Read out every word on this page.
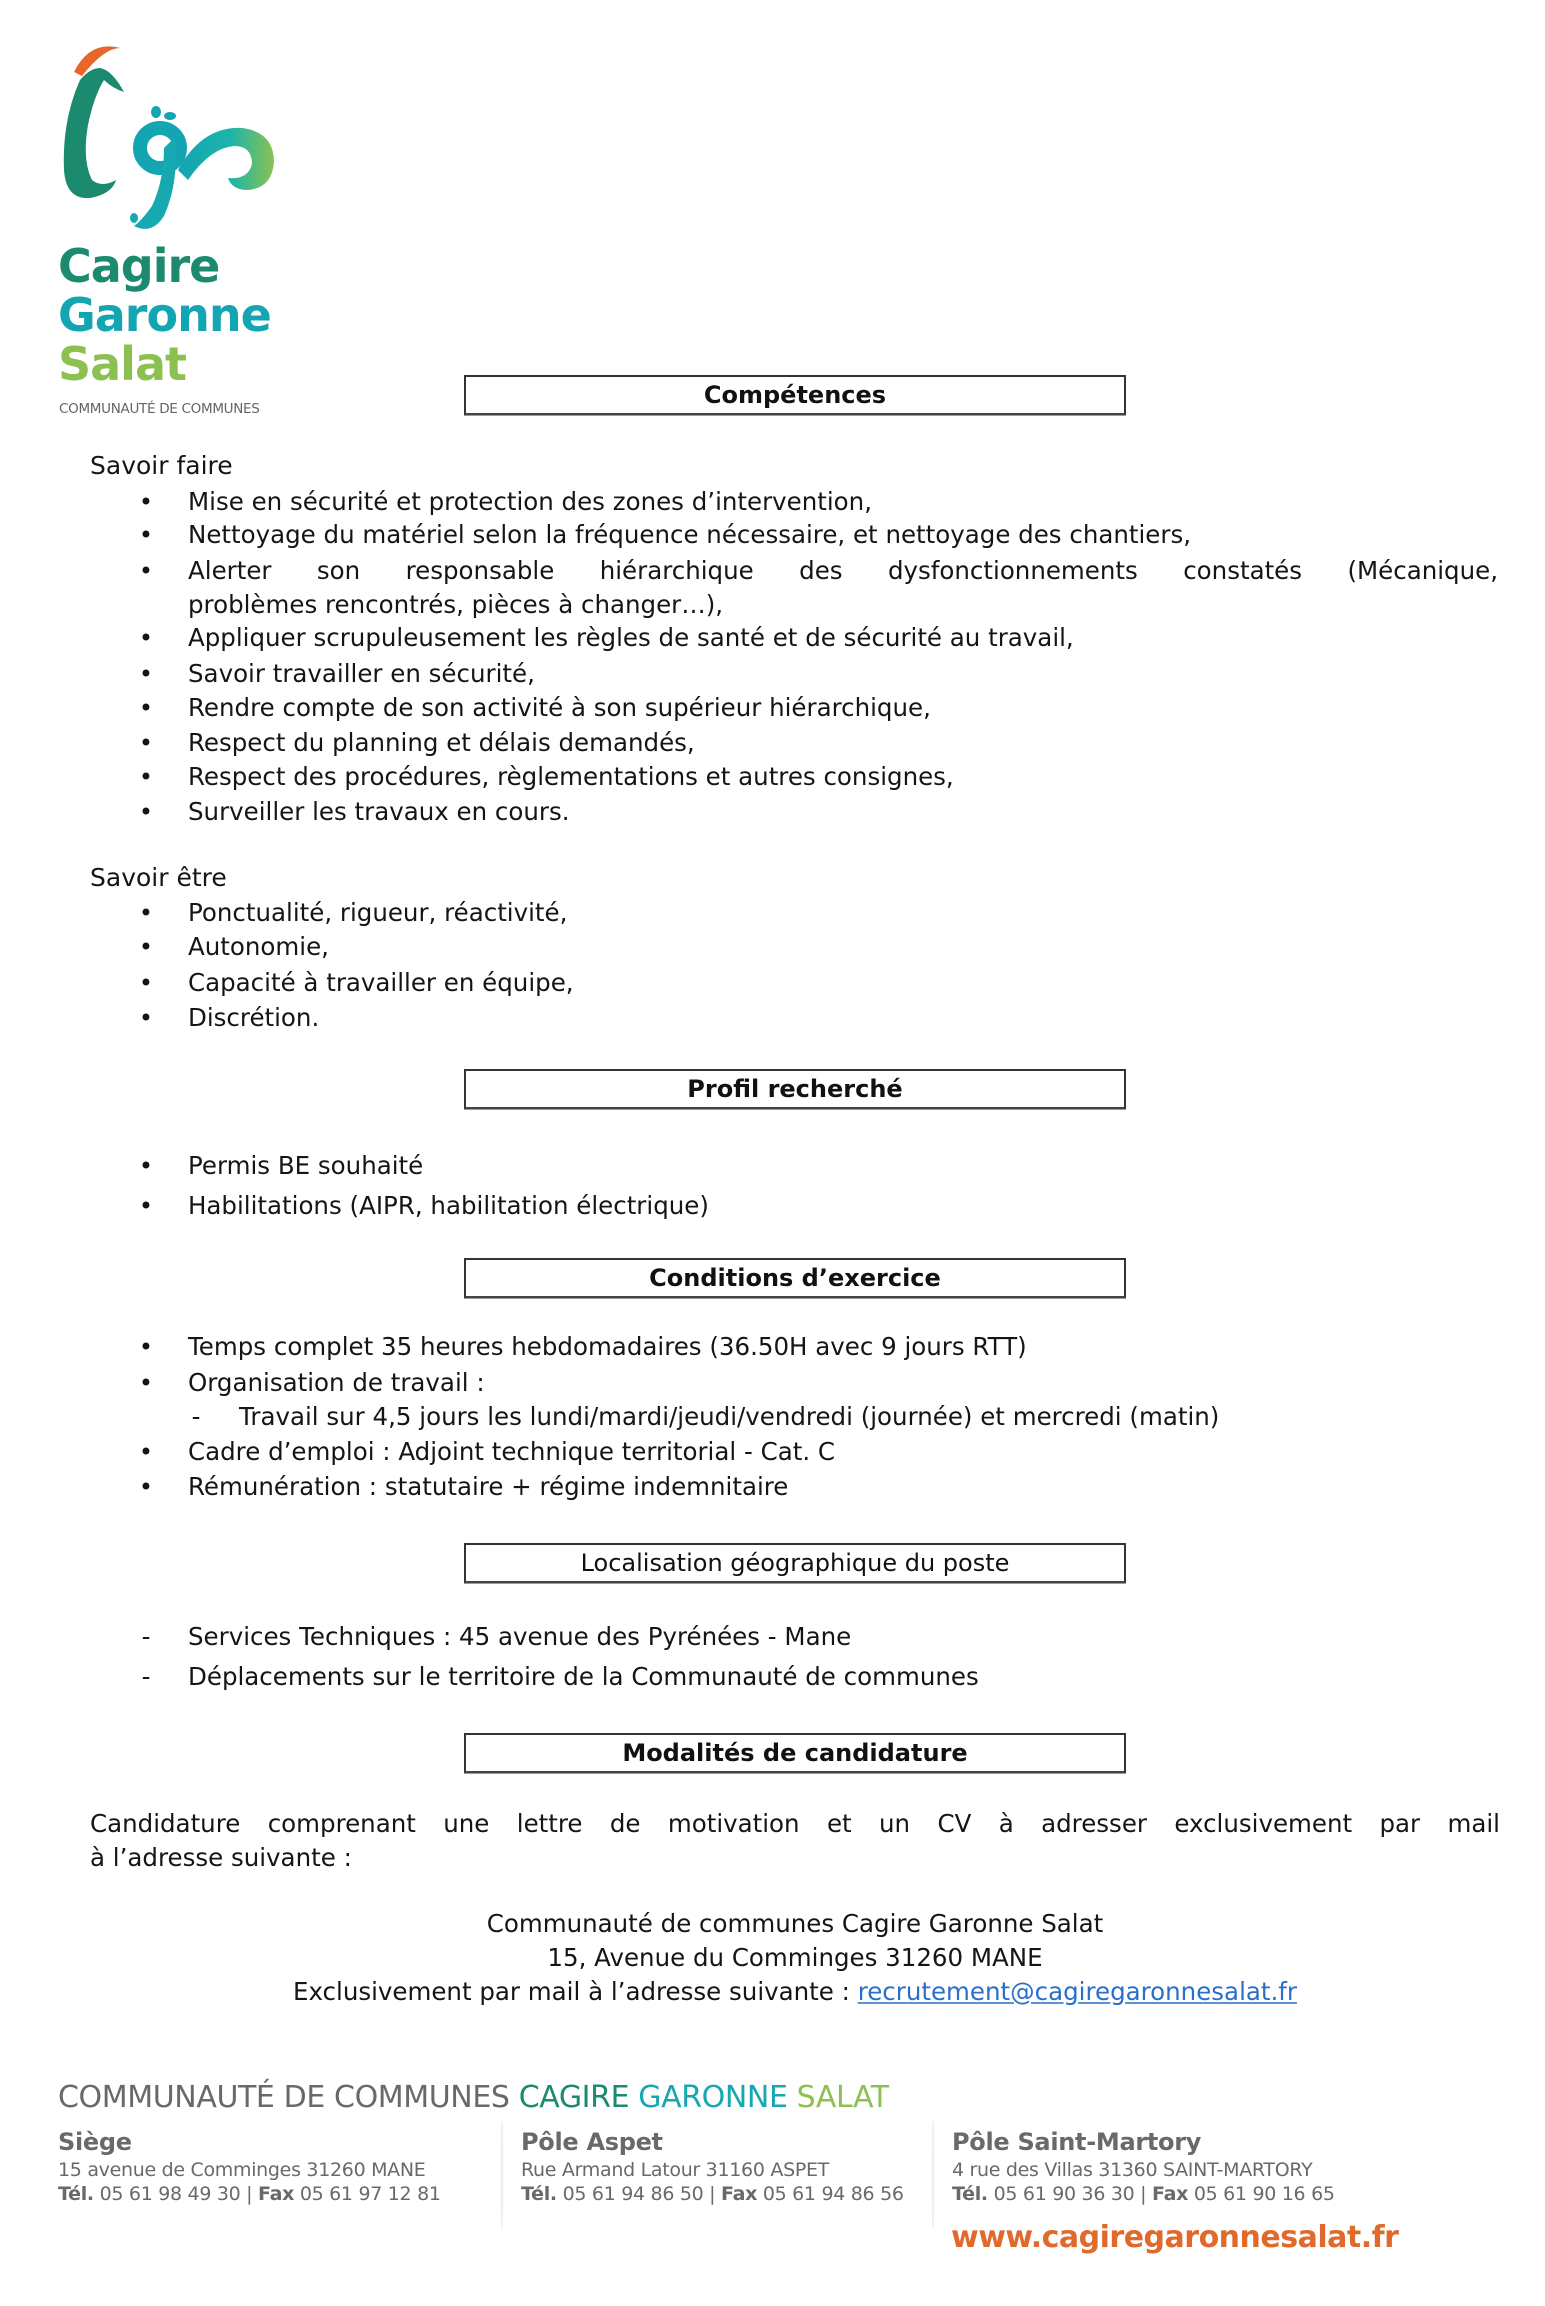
Cagire
Garonne
Salat
COMMUNAUTÉ DE COMMUNES	Compétences
Savoir faire
• Mise en sécurité et protection des zones d’intervention,
• Nettoyage du matériel selon la fréquence nécessaire, et nettoyage des chantiers,
• Alerter son responsable hiérarchique des dysfonctionnements constatés (Mécanique,
problèmes rencontrés, pièces à changer…),
• Appliquer scrupuleusement les règles de santé et de sécurité au travail,
• Savoir travailler en sécurité,
• Rendre compte de son activité à son supérieur hiérarchique,
• Respect du planning et délais demandés,
• Respect des procédures, règlementations et autres consignes,
• Surveiller les travaux en cours.
Savoir être
• Ponctualité, rigueur, réactivité,
• Autonomie,
• Capacité à travailler en équipe,
• Discrétion.
Profil recherché
• Permis BE souhaité
• Habilitations (AIPR, habilitation électrique)
Conditions d’exercice
• Temps complet 35 heures hebdomadaires (36.50H avec 9 jours RTT)
• Organisation de travail :
- Travail sur 4,5 jours les lundi/mardi/jeudi/vendredi (journée) et mercredi (matin)
• Cadre d’emploi : Adjoint technique territorial - Cat. C
• Rémunération : statutaire + régime indemnitaire
Localisation géographique du poste
- Services Techniques : 45 avenue des Pyrénées - Mane
- Déplacements sur le territoire de la Communauté de communes
Modalités de candidature
Candidature comprenant une lettre de motivation et un CV à adresser exclusivement par mail
à l’adresse suivante :
Communauté de communes Cagire Garonne Salat
15, Avenue du Comminges 31260 MANE
Exclusivement par mail à l’adresse suivante : recrutement@cagiregaronnesalat.fr
COMMUNAUTÉ DE COMMUNES CAGIRE GARONNE SALAT
Siège
15 avenue de Comminges 31260 MANE
Tél. 05 61 98 49 30 | Fax 05 61 97 12 81
Pôle Aspet
Rue Armand Latour 31160 ASPET
Tél. 05 61 94 86 50 | Fax 05 61 94 86 56
Pôle Saint-Martory
4 rue des Villas 31360 SAINT-MARTORY
Tél. 05 61 90 36 30 | Fax 05 61 90 16 65
www.cagiregaronnesalat.fr
